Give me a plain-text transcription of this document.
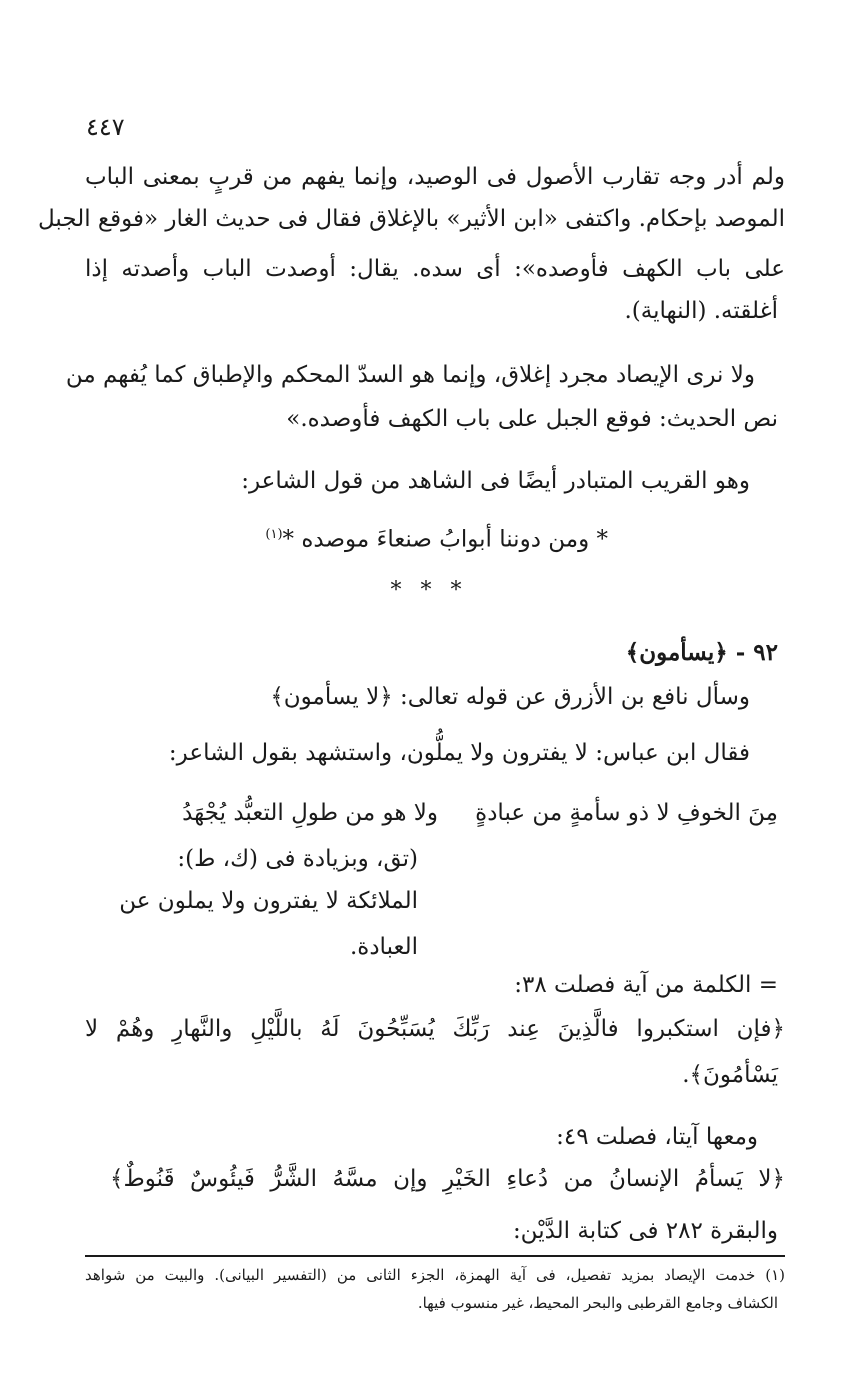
٤٤٧
ولم أدر وجه تقارب الأصول فى الوصيد، وإنما يفهم من قربٍ بمعنى الباب
الموصد بإحكام. واكتفى «ابن الأثير» بالإغلاق فقال فى حديث الغار «فوقع الجبل
على باب الكهف فأوصده»: أى سده. يقال: أوصدت الباب وأصدته إذا
أغلقته. (النهاية).
ولا نرى الإيصاد مجرد إغلاق، وإنما هو السدّ المحكم والإطباق كما يُفهم من
نص الحديث: فوقع الجبل على باب الكهف فأوصده.»
وهو القريب المتبادر أيضًا فى الشاهد من قول الشاعر:
* ومن دوننا أبوابُ صنعاءَ موصده *$^{(١)}$
* * *
٩٢ - ﴿يسأمون﴾
وسأل نافع بن الأزرق عن قوله تعالى: ﴿لا يسأمون﴾
فقال ابن عباس: لا يفترون ولا يملُّون، واستشهد بقول الشاعر:
مِنَ الخوفِ لا ذو سأمةٍ من عبادةٍ
ولا هو من طولِ التعبُّد يُجْهَدُ
(تق، وبزيادة فى (ك، ط):
الملائكة لا يفترون ولا يملون عن
العبادة.
= الكلمة من آية فصلت ٣٨:
﴿فإن استكبروا فالَّذِينَ عِند رَبِّكَ يُسَبِّحُونَ لَهُ باللَّيْلِ والنَّهارِ وهُمْ لا
يَسْأمُونَ﴾.
ومعها آيتا، فصلت ٤٩:
﴿لا يَسأمُ الإنسانُ من دُعاءِ الخَيْرِ وإن مسَّهُ الشَّرُّ فَيئُوسٌ قَنُوطٌ﴾
والبقرة ٢٨٢ فى كتابة الدَّيْن:
(١) خدمت الإيصاد بمزيد تفصيل، فى آية الهمزة، الجزء الثانى من (التفسير البيانى). والبيت من شواهد
الكشاف وجامع القرطبى والبحر المحيط، غير منسوب فيها.
